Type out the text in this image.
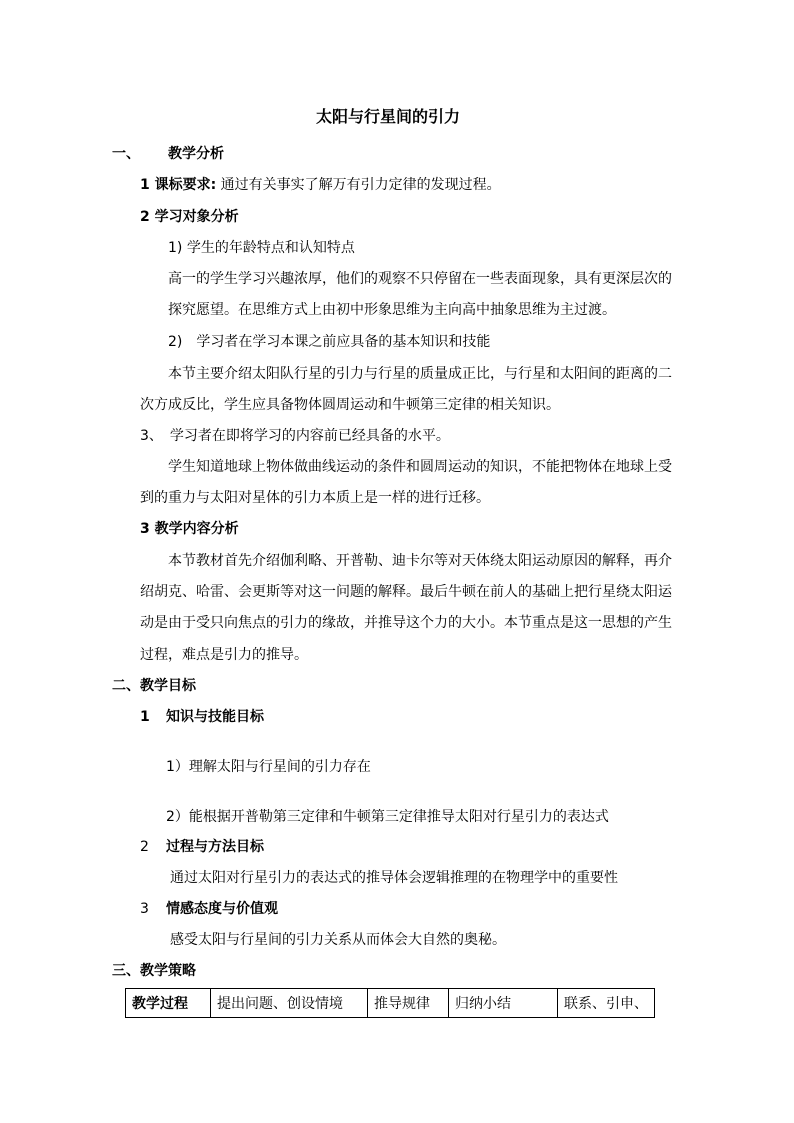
太阳与行星间的引力
一、 教学分析
1 课标要求: 通过有关事实了解万有引力定律的发现过程。
2 学习对象分析
1) 学生的年龄特点和认知特点
高一的学生学习兴趣浓厚，他们的观察不只停留在一些表面现象，具有更深层次的
探究愿望。在思维方式上由初中形象思维为主向高中抽象思维为主过渡。
2)　学习者在学习本课之前应具备的基本知识和技能
本节主要介绍太阳队行星的引力与行星的质量成正比，与行星和太阳间的距离的二
次方成反比，学生应具备物体圆周运动和牛顿第三定律的相关知识。
3、　学习者在即将学习的内容前已经具备的水平。
学生知道地球上物体做曲线运动的条件和圆周运动的知识，不能把物体在地球上受
到的重力与太阳对星体的引力本质上是一样的进行迁移。
3 教学内容分析
本节教材首先介绍伽利略、开普勒、迪卡尔等对天体绕太阳运动原因的解释，再介
绍胡克、哈雷、会更斯等对这一问题的解释。最后牛顿在前人的基础上把行星绕太阳运
动是由于受只向焦点的引力的缘故，并推导这个力的大小。本节重点是这一思想的产生
过程，难点是引力的推导。
二、教学目标
1 知识与技能目标
1）理解太阳与行星间的引力存在
2）能根据开普勒第三定律和牛顿第三定律推导太阳对行星引力的表达式
2 过程与方法目标
通过太阳对行星引力的表达式的推导体会逻辑推理的在物理学中的重要性
3 情感态度与价值观
感受太阳与行星间的引力关系从而体会大自然的奥秘。
三、教学策略
教学过程	提出问题、创设情境	推导规律	归纳小结	联系、引申、
